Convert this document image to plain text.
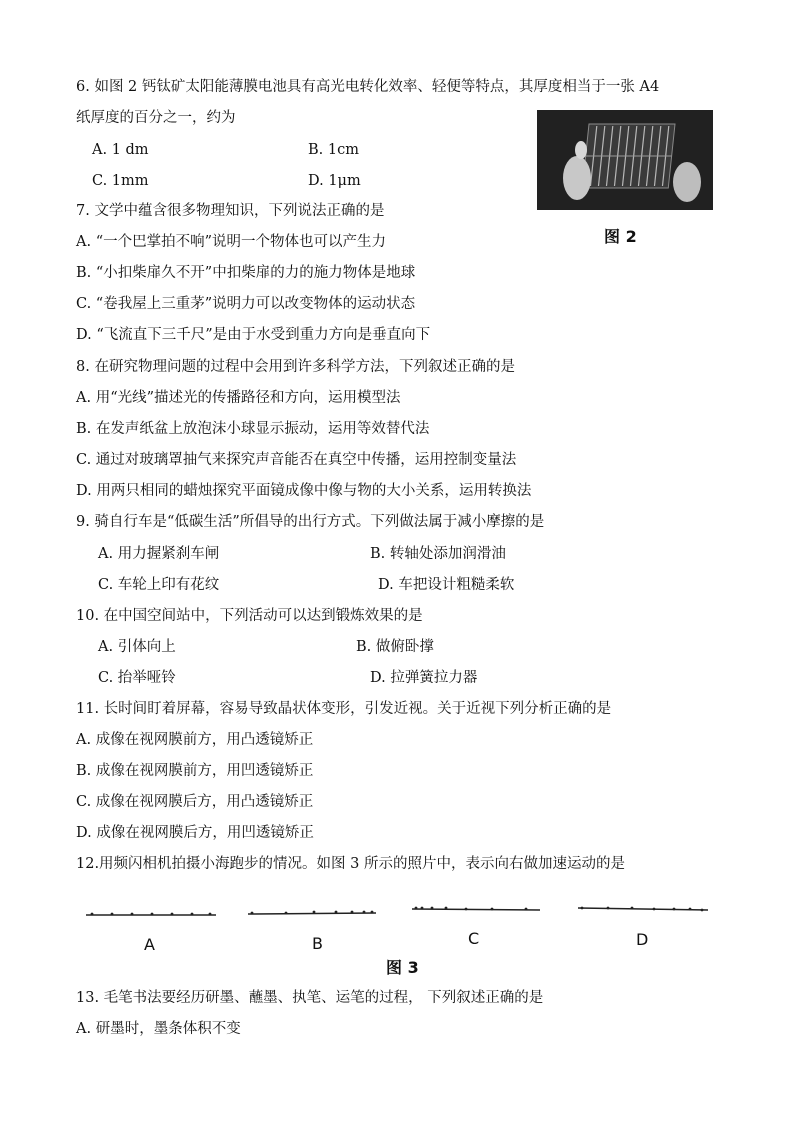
6. 如图 2 钙钛矿太阳能薄膜电池具有高光电转化效率、轻便等特点，其厚度相当于一张 A4
纸厚度的百分之一，约为
A. 1 dm	B. 1cm
C. 1mm	D. 1μm
图 2
7. 文学中蕴含很多物理知识，下列说法正确的是
A. “一个巴掌拍不响”说明一个物体也可以产生力
B. “小扣柴扉久不开”中扣柴扉的力的施力物体是地球
C. “卷我屋上三重茅”说明力可以改变物体的运动状态
D. “飞流直下三千尺”是由于水受到重力方向是垂直向下
8. 在研究物理问题的过程中会用到许多科学方法，下列叙述正确的是
A. 用“光线”描述光的传播路径和方向，运用模型法
B. 在发声纸盆上放泡沫小球显示振动，运用等效替代法
C. 通过对玻璃罩抽气来探究声音能否在真空中传播，运用控制变量法
D. 用两只相同的蜡烛探究平面镜成像中像与物的大小关系，运用转换法
9. 骑自行车是“低碳生活”所倡导的出行方式。下列做法属于减小摩擦的是
A. 用力握紧刹车闸	B. 转轴处添加润滑油
C. 车轮上印有花纹	D. 车把设计粗糙柔软
10. 在中国空间站中，下列活动可以达到锻炼效果的是
A. 引体向上	B. 做俯卧撑
C. 抬举哑铃	D. 拉弹簧拉力器
11. 长时间盯着屏幕，容易导致晶状体变形，引发近视。关于近视下列分析正确的是
A. 成像在视网膜前方，用凸透镜矫正
B. 成像在视网膜前方，用凹透镜矫正
C. 成像在视网膜后方，用凸透镜矫正
D. 成像在视网膜后方，用凹透镜矫正
12.用频闪相机拍摄小海跑步的情况。如图 3 所示的照片中，表示向右做加速运动的是
A	B	C	D
图 3
13. 毛笔书法要经历研墨、蘸墨、执笔、运笔的过程， 下列叙述正确的是
A. 研墨时，墨条体积不变
